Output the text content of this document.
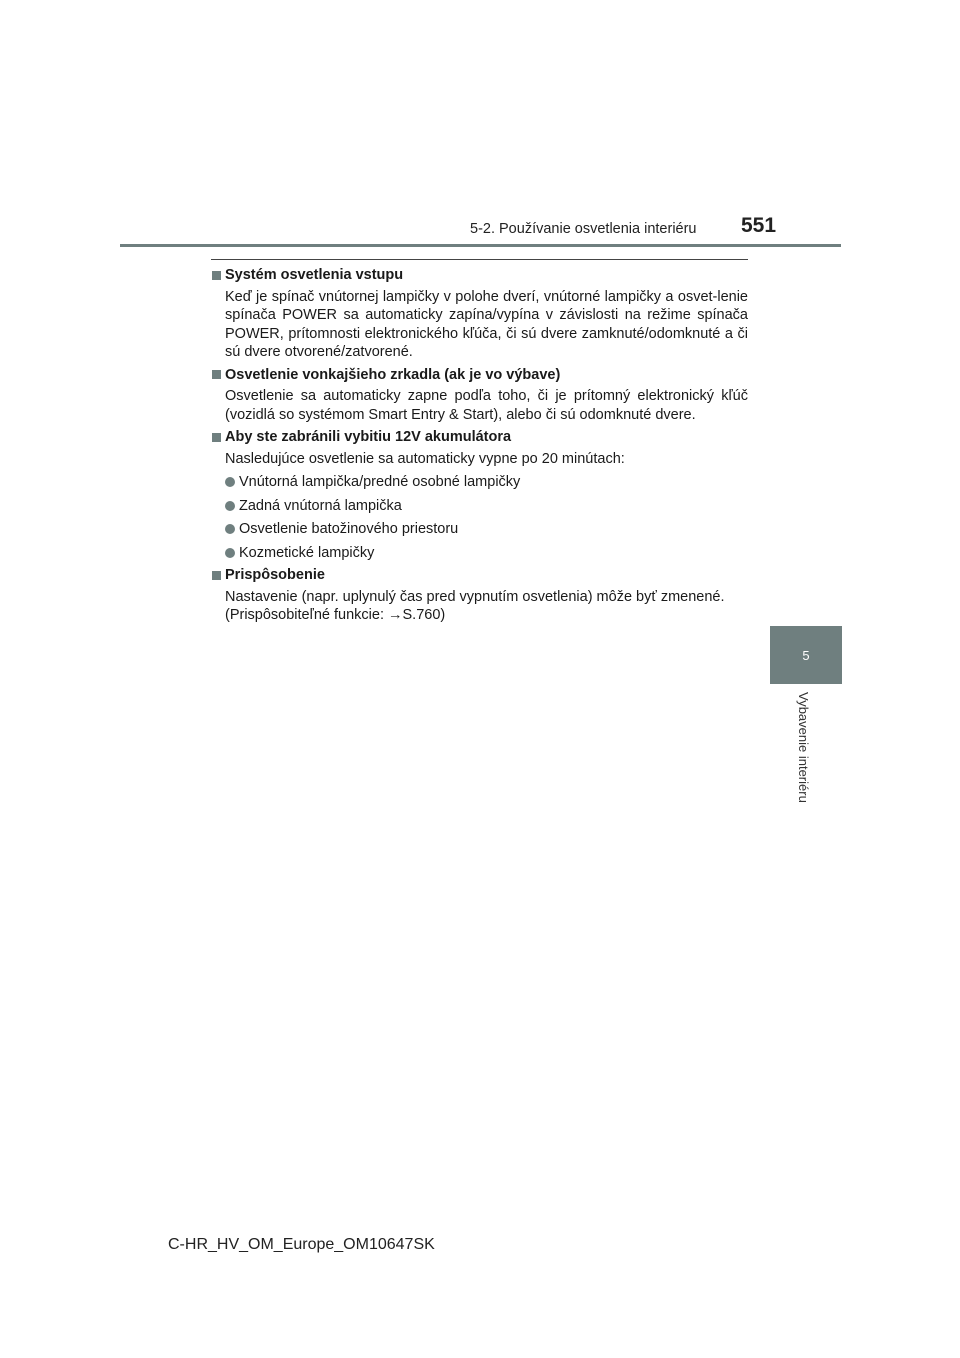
5-2. Používanie osvetlenia interiéru 551
Systém osvetlenia vstupu
Keď je spínač vnútornej lampičky v polohe dverí, vnútorné lampičky a osvet-lenie spínača POWER sa automaticky zapína/vypína v závislosti na režime spínača POWER, prítomnosti elektronického kľúča, či sú dvere zamknuté/odomknuté a či sú dvere otvorené/zatvorené.
Osvetlenie vonkajšieho zrkadla (ak je vo výbave)
Osvetlenie sa automaticky zapne podľa toho, či je prítomný elektronický kľúč (vozidlá so systémom Smart Entry & Start), alebo či sú odomknuté dvere.
Aby ste zabránili vybitiu 12V akumulátora
Nasledujúce osvetlenie sa automaticky vypne po 20 minútach:
Vnútorná lampička/predné osobné lampičky
Zadná vnútorná lampička
Osvetlenie batožinového priestoru
Kozmetické lampičky
Prispôsobenie
Nastavenie (napr. uplynulý čas pred vypnutím osvetlenia) môže byť zmenené.
(Prispôsobiteľné funkcie: →S.760)
5
Vybavenie interiéru
C-HR_HV_OM_Europe_OM10647SK
